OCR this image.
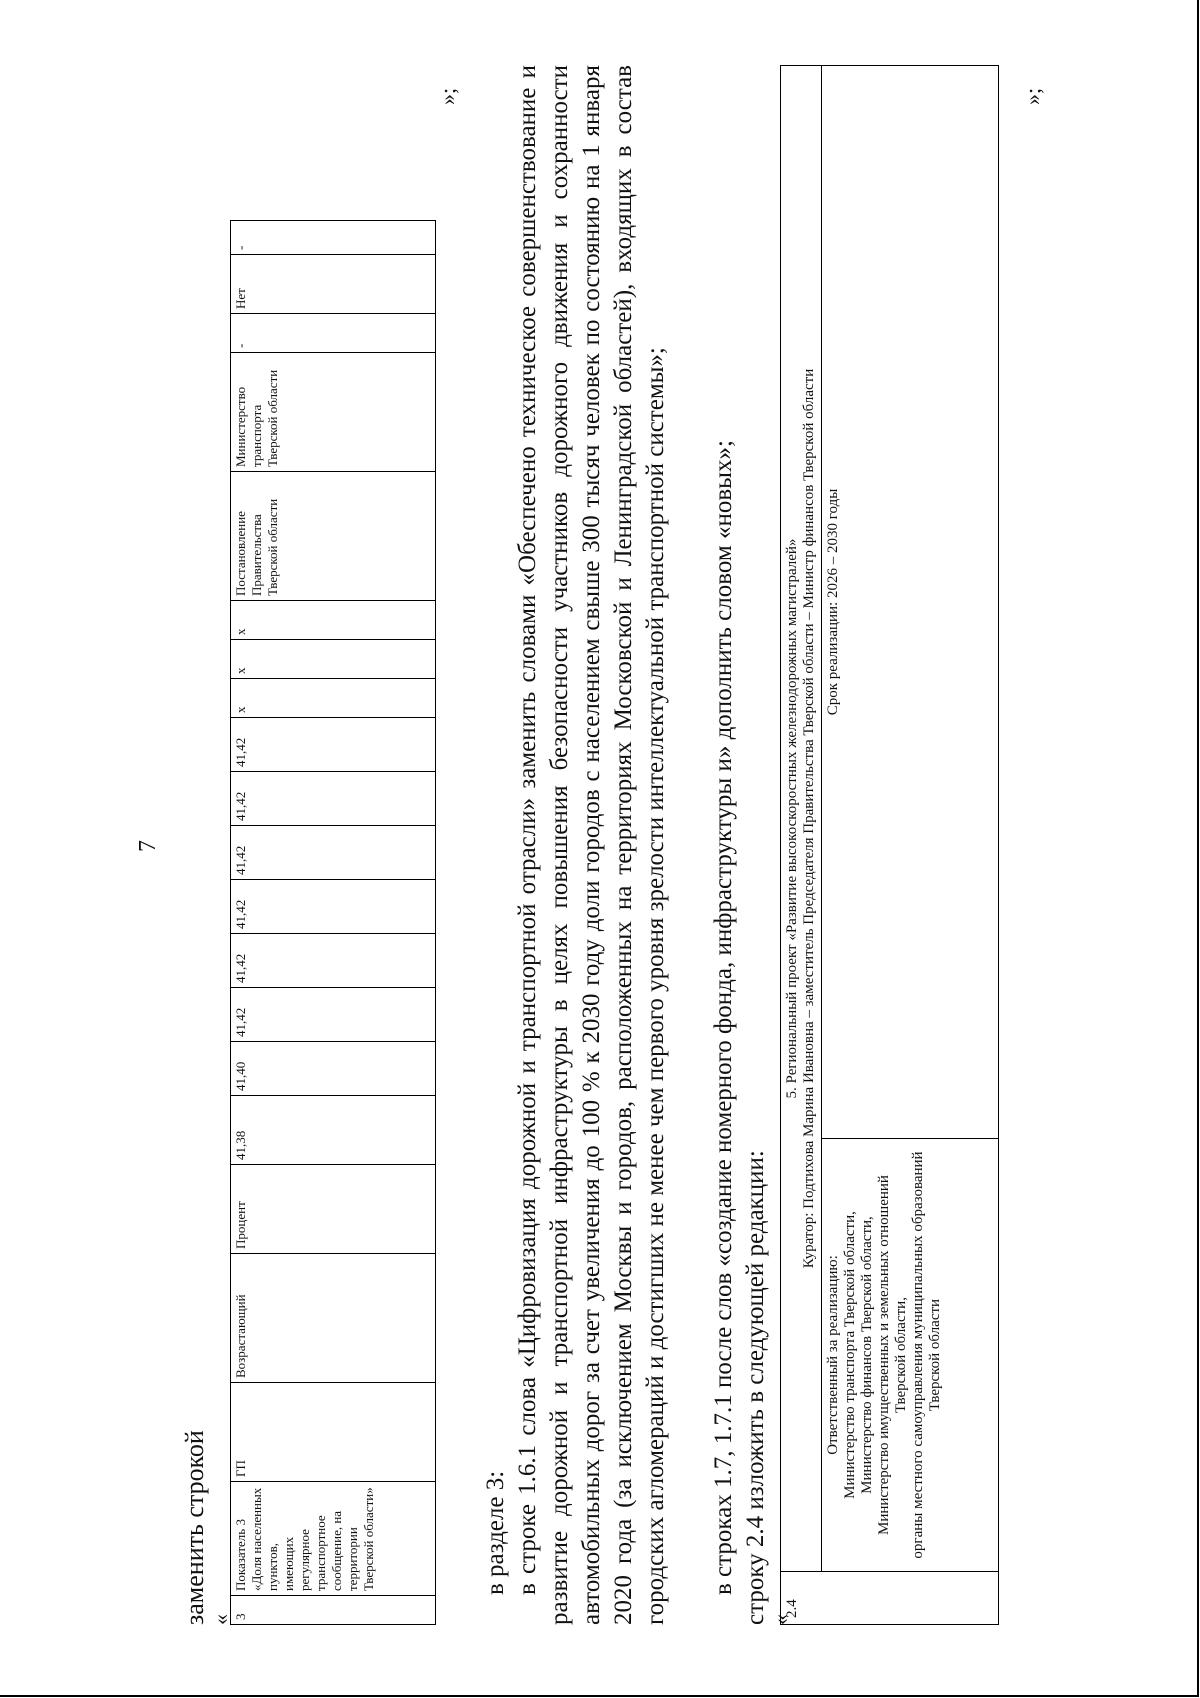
7
заменить строкой « 3	Показатель 3 «Доля населенных пунктов, имеющих регулярное транспортное сообщение, на территории Тверской области»	ГП	Возрастающий	Процент	41,38	41,40	41,42	41,42	41,42	41,42	41,42	41,42	x	x	x	Постановление Правительства Тверской области	Министерство транспорта Тверской области	-	Нет	-
»;
в разделе 3: в строке 1.6.1 слова «Цифровизация дорожной и транспортной отрасли» заменить словами «Обеспечено техническое совершенствование и развитие дорожной и транспортной инфраструктуры в целях повышения безопасности участников дорожного движения и сохранности автомобильных дорог за счет увеличения до 100 % к 2030 году доли городов с населением свыше 300 тысяч человек по состоянию на 1 января 2020 года (за исключением Москвы и городов, расположенных на территориях Московской и Ленинградской областей), входящих в состав городских агломераций и достигших не менее чем первого уровня зрелости интеллектуальной транспортной системы»; в строках 1.7, 1.7.1 после слов «создание номерного фонда, инфраструктуры и» дополнить словом «новых»; строку 2.4 изложить в следующей редакции: «
2.4	5. Региональный проект «Развитие высокоскоростных железнодорожных магистралей» Куратор: Подтихова Марина Ивановна – заместитель Председателя Правительства Тверской области – Министр финансов Тверской области	

	Ответственный за реализацию: Министерство транспорта Тверской области, Министерство финансов Тверской области, Министерство имущественных и земельных отношений Тверской области, органы местного самоуправления муниципальных образований Тверской области	Срок реализации: 2026 – 2030 годы
»;
